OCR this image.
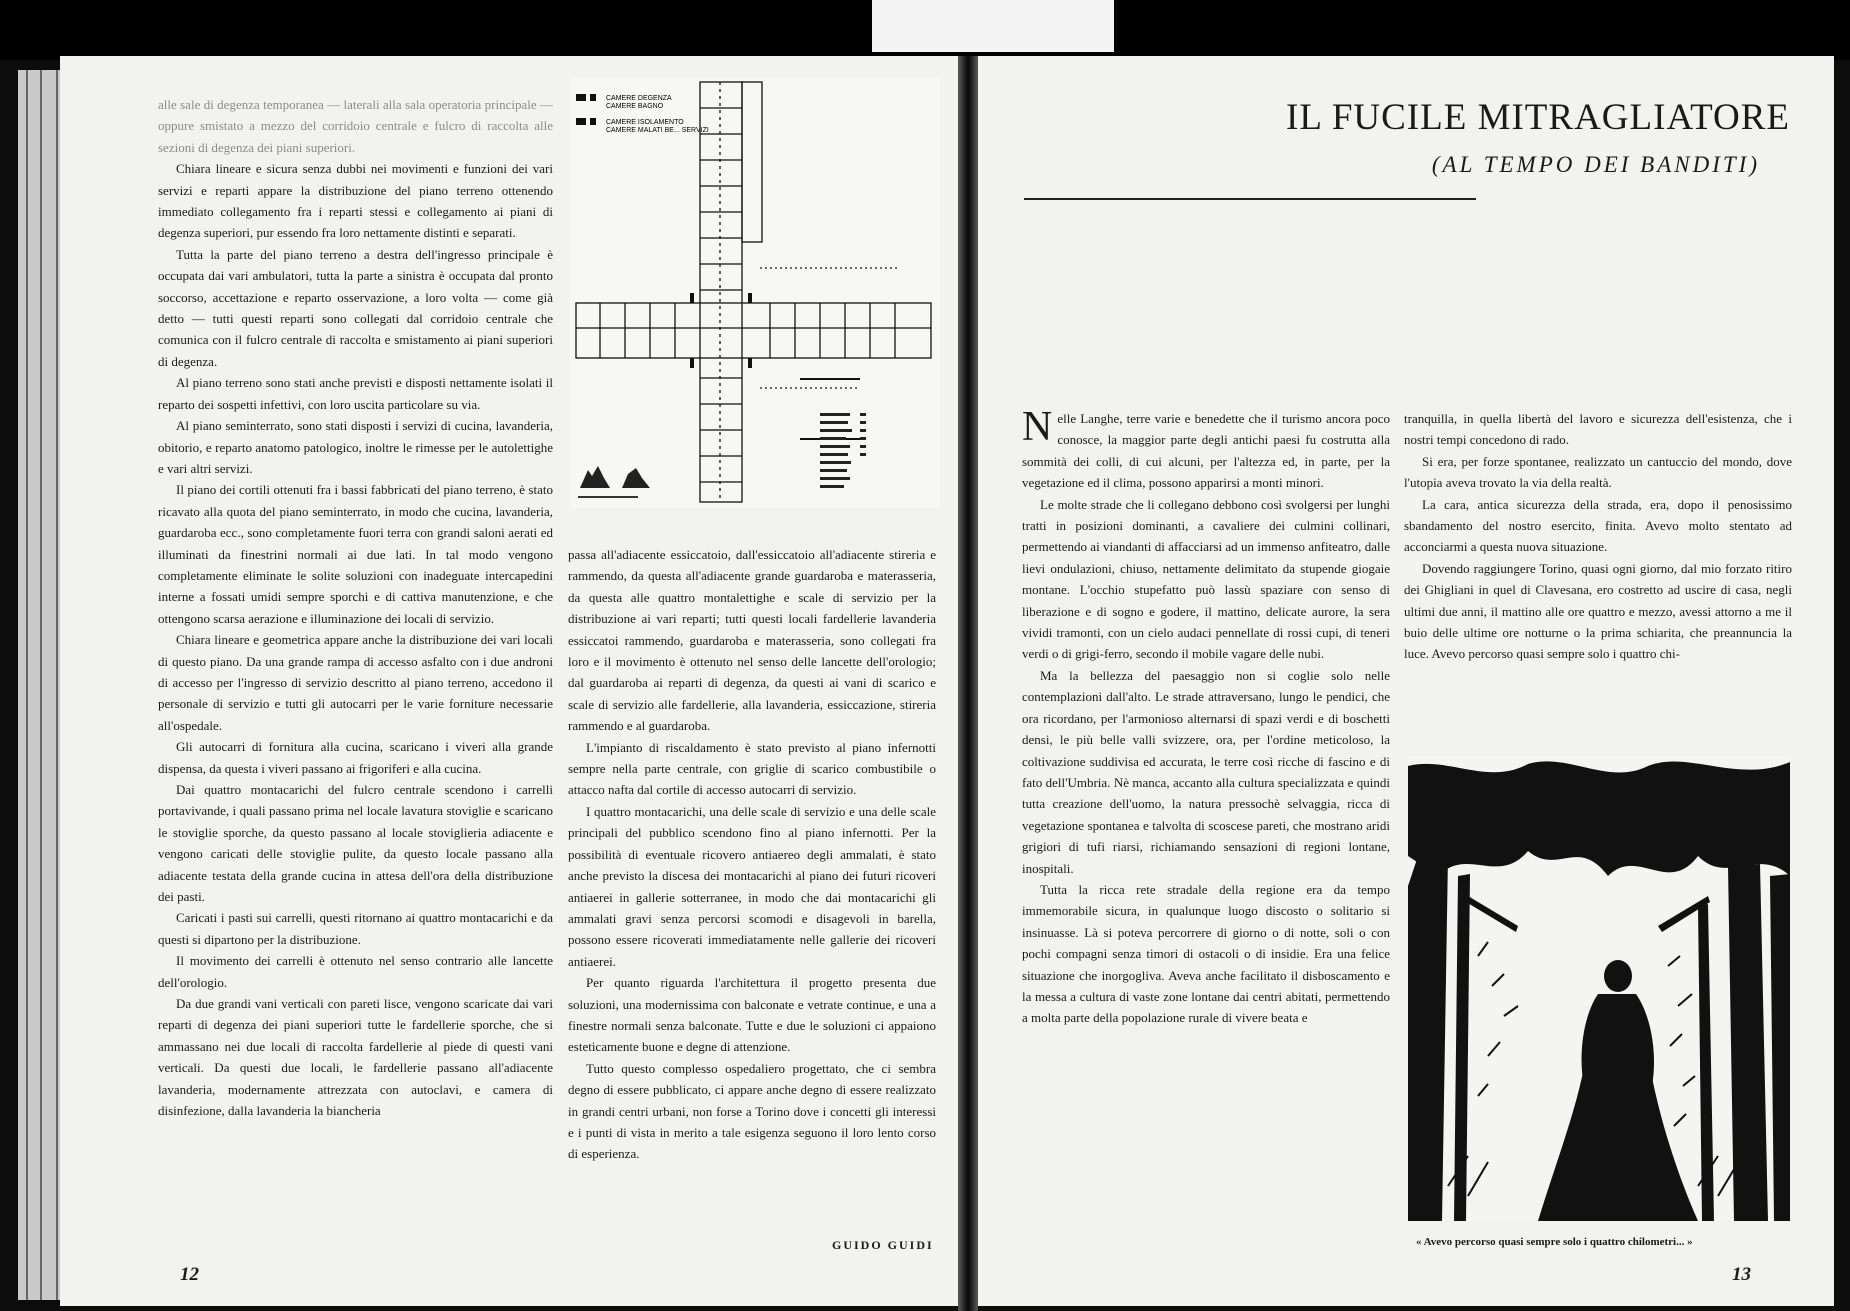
alle sale di degenza temporanea — laterali alla sala operatoria principale — oppure smistato a mezzo del corridoio centrale e fulcro di raccolta alle sezioni di degenza dei piani superiori.

Chiara lineare e sicura senza dubbi nei movimenti e funzioni dei vari servizi e reparti appare la distribuzione del piano terreno ottenendo immediato collegamento fra i reparti stessi e collegamento ai piani di degenza superiori, pur essendo fra loro nettamente distinti e separati.

Tutta la parte del piano terreno a destra dell'ingresso principale è occupata dai vari ambulatori, tutta la parte a sinistra è occupata dal pronto soccorso, accettazione e reparto osservazione, a loro volta — come già detto — tutti questi reparti sono collegati dal corridoio centrale che comunica con il fulcro centrale di raccolta e smistamento ai piani superiori di degenza.

Al piano terreno sono stati anche previsti e disposti nettamente isolati il reparto dei sospetti infettivi, con loro uscita particolare su via.

Al piano seminterrato, sono stati disposti i servizi di cucina, lavanderia, obitorio, e reparto anatomo patologico, inoltre le rimesse per le autolettighe e vari altri servizi.

Il piano dei cortili ottenuti fra i bassi fabbricati del piano terreno, è stato ricavato alla quota del piano seminterrato, in modo che cucina, lavanderia, guardaroba ecc., sono completamente fuori terra con grandi saloni aerati ed illuminati da finestrini normali ai due lati. In tal modo vengono completamente eliminate le solite soluzioni con inadeguate intercapedini interne a fossati umidi sempre sporchi e di cattiva manutenzione, e che ottengono scarsa aerazione e illuminazione dei locali di servizio.

Chiara lineare e geometrica appare anche la distribuzione dei vari locali di questo piano. Da una grande rampa di accesso asfalto con i due androni di accesso per l'ingresso di servizio descritto al piano terreno, accedono il personale di servizio e tutti gli autocarri per le varie forniture necessarie all'ospedale.

Gli autocarri di fornitura alla cucina, scaricano i viveri alla grande dispensa, da questa i viveri passano ai frigoriferi e alla cucina.

Dai quattro montacarichi del fulcro centrale scendono i carrelli portavivande, i quali passano prima nel locale lavatura stoviglie e scaricano le stoviglie sporche, da questo passano al locale stoviglieria adiacente e vengono caricati delle stoviglie pulite, da questo locale passano alla adiacente testata della grande cucina in attesa dell'ora della distribuzione dei pasti.

Caricati i pasti sui carrelli, questi ritornano ai quattro montacarichi e da questi si dipartono per la distribuzione.

Il movimento dei carrelli è ottenuto nel senso contrario alle lancette dell'orologio.

Da due grandi vani verticali con pareti lisce, vengono scaricate dai vari reparti di degenza dei piani superiori tutte le fardellerie sporche, che si ammassano nei due locali di raccolta fardellerie al piede di questi vani verticali. Da questi due locali, le fardellerie passano all'adiacente lavanderia, modernamente attrezzata con autoclavi, e camera di disinfezione, dalla lavanderia la biancheria

CAMERE DEGENZA
CAMERE BAGNO
CAMERE ISOLAMENTO
CAMERE MALATI BE... SERVIZI

passa all'adiacente essiccatoio, dall'essiccatoio all'adiacente stireria e rammendo, da questa all'adiacente grande guardaroba e materasseria, da questa alle quattro montalettighe e scale di servizio per la distribuzione ai vari reparti; tutti questi locali fardellerie lavanderia essiccatoi rammendo, guardaroba e materasseria, sono collegati fra loro e il movimento è ottenuto nel senso delle lancette dell'orologio; dal guardaroba ai reparti di degenza, da questi ai vani di scarico e scale di servizio alle fardellerie, alla lavanderia, essiccazione, stireria rammendo e al guardaroba.

L'impianto di riscaldamento è stato previsto al piano infernotti sempre nella parte centrale, con griglie di scarico combustibile o attacco nafta dal cortile di accesso autocarri di servizio.

I quattro montacarichi, una delle scale di servizio e una delle scale principali del pubblico scendono fino al piano infernotti. Per la possibilità di eventuale ricovero antiaereo degli ammalati, è stato anche previsto la discesa dei montacarichi al piano dei futuri ricoveri antiaerei in gallerie sotterranee, in modo che dai montacarichi gli ammalati gravi senza percorsi scomodi e disagevoli in barella, possono essere ricoverati immediatamente nelle gallerie dei ricoveri antiaerei.

Per quanto riguarda l'architettura il progetto presenta due soluzioni, una modernissima con balconate e vetrate continue, e una a finestre normali senza balconate. Tutte e due le soluzioni ci appaiono esteticamente buone e degne di attenzione.

Tutto questo complesso ospedaliero progettato, che ci sembra degno di essere pubblicato, ci appare anche degno di essere realizzato in grandi centri urbani, non forse a Torino dove i concetti gli interessi e i punti di vista in merito a tale esigenza seguono il loro lento corso di esperienza.

GUIDO GUIDI
12
IL FUCILE MITRAGLIATORE
(AL TEMPO DEI BANDITI)

Nelle Langhe, terre varie e benedette che il turismo ancora poco conosce, la maggior parte degli antichi paesi fu costrutta alla sommità dei colli, di cui alcuni, per l'altezza ed, in parte, per la vegetazione ed il clima, possono apparirsi a monti minori.

Le molte strade che li collegano debbono così svolgersi per lunghi tratti in posizioni dominanti, a cavaliere dei culmini collinari, permettendo ai viandanti di affacciarsi ad un immenso anfiteatro, dalle lievi ondulazioni, chiuso, nettamente delimitato da stupende giogaie montane. L'occhio stupefatto può lassù spaziare con senso di liberazione e di sogno e godere, il mattino, delicate aurore, la sera vividi tramonti, con un cielo audaci pennellate di rossi cupi, di teneri verdi o di grigi-ferro, secondo il mobile vagare delle nubi.

Ma la bellezza del paesaggio non si coglie solo nelle contemplazioni dall'alto. Le strade attraversano, lungo le pendici, che ora ricordano, per l'armonioso alternarsi di spazi verdi e di boschetti densi, le più belle valli svizzere, ora, per l'ordine meticoloso, la coltivazione suddivisa ed accurata, le terre così ricche di fascino e di fato dell'Umbria. Nè manca, accanto alla cultura specializzata e quindi tutta creazione dell'uomo, la natura pressochè selvaggia, ricca di vegetazione spontanea e talvolta di scoscese pareti, che mostrano aridi grigiori di tufi riarsi, richiamando sensazioni di regioni lontane, inospitali.

Tutta la ricca rete stradale della regione era da tempo immemorabile sicura, in qualunque luogo discosto o solitario si insinuasse. Là si poteva percorrere di giorno o di notte, soli o con pochi compagni senza timori di ostacoli o di insidie. Era una felice situazione che inorgogliva. Aveva anche facilitato il disboscamento e la messa a cultura di vaste zone lontane dai centri abitati, permettendo a molta parte della popolazione rurale di vivere beata e

tranquilla, in quella libertà del lavoro e sicurezza dell'esistenza, che i nostri tempi concedono di rado.

Si era, per forze spontanee, realizzato un cantuccio del mondo, dove l'utopia aveva trovato la via della realtà.

La cara, antica sicurezza della strada, era, dopo il penosissimo sbandamento del nostro esercito, finita. Avevo molto stentato ad acconciarmi a questa nuova situazione.

Dovendo raggiungere Torino, quasi ogni giorno, dal mio forzato ritiro dei Ghigliani in quel di Clavesana, ero costretto ad uscire di casa, negli ultimi due anni, il mattino alle ore quattro e mezzo, avessi attorno a me il buio delle ultime ore notturne o la prima schiarita, che preannuncia la luce. Avevo percorso quasi sempre solo i quattro chi-

« Avevo percorso quasi sempre solo i quattro chilometri... »
13
